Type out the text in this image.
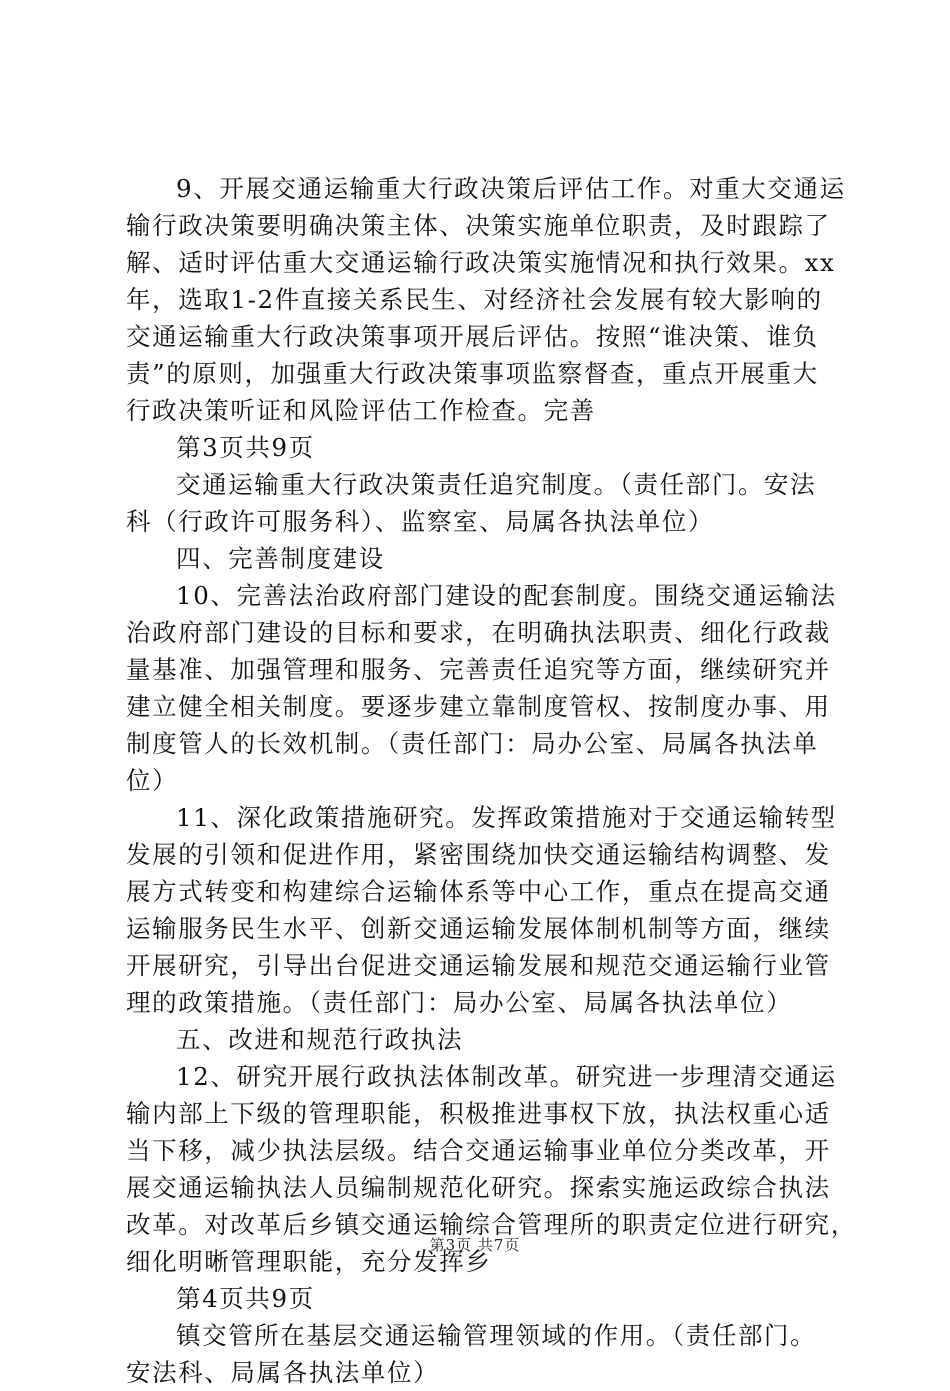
9、开展交通运输重大行政决策后评估工作。对重大交通运
输行政决策要明确决策主体、决策实施单位职责，及时跟踪了
解、适时评估重大交通运输行政决策实施情况和执行效果。xx
年，选取1-2件直接关系民生、对经济社会发展有较大影响的
交通运输重大行政决策事项开展后评估。按照“谁决策、谁负
责”的原则，加强重大行政决策事项监察督查，重点开展重大
行政决策听证和风险评估工作检查。完善
第3页共9页
交通运输重大行政决策责任追究制度。（责任部门。安法
科（行政许可服务科）、监察室、局属各执法单位）
四、完善制度建设
10、完善法治政府部门建设的配套制度。围绕交通运输法
治政府部门建设的目标和要求，在明确执法职责、细化行政裁
量基准、加强管理和服务、完善责任追究等方面，继续研究并
建立健全相关制度。要逐步建立靠制度管权、按制度办事、用
制度管人的长效机制。（责任部门：局办公室、局属各执法单
位）
11、深化政策措施研究。发挥政策措施对于交通运输转型
发展的引领和促进作用，紧密围绕加快交通运输结构调整、发
展方式转变和构建综合运输体系等中心工作，重点在提高交通
运输服务民生水平、创新交通运输发展体制机制等方面，继续
开展研究，引导出台促进交通运输发展和规范交通运输行业管
理的政策措施。（责任部门：局办公室、局属各执法单位）
五、改进和规范行政执法
12、研究开展行政执法体制改革。研究进一步理清交通运
输内部上下级的管理职能，积极推进事权下放，执法权重心适
当下移，减少执法层级。结合交通运输事业单位分类改革，开
展交通运输执法人员编制规范化研究。探索实施运政综合执法
改革。对改革后乡镇交通运输综合管理所的职责定位进行研究，
细化明晰管理职能，充分发挥乡
第4页共9页
镇交管所在基层交通运输管理领域的作用。（责任部门。
安法科、局属各执法单位）
第3页 共7页
